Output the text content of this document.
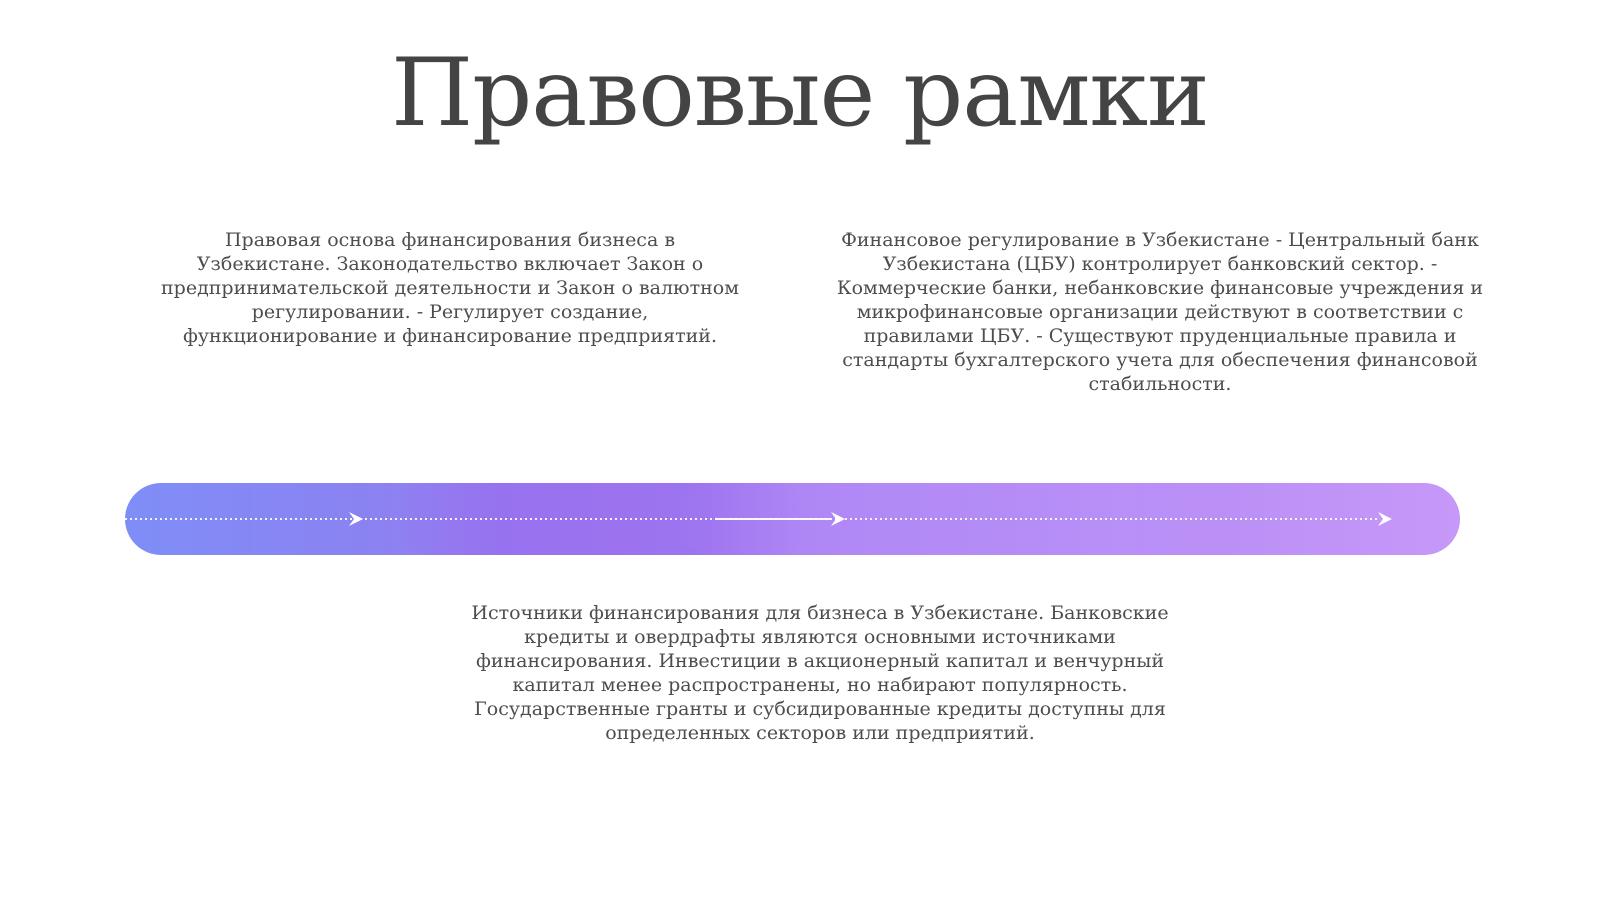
Правовые рамки

Правовая основа финансирования бизнеса в Узбекистане. Законодательство включает Закон о предпринимательской деятельности и Закон о валютном регулировании. - Регулирует создание, функционирование и финансирование предприятий.

Финансовое регулирование в Узбекистане - Центральный банк Узбекистана (ЦБУ) контролирует банковский сектор. - Коммерческие банки, небанковские финансовые учреждения и микрофинансовые организации действуют в соответствии с правилами ЦБУ. - Существуют пруденциальные правила и стандарты бухгалтерского учета для обеспечения финансовой стабильности.

Источники финансирования для бизнеса в Узбекистане. Банковские кредиты и овердрафты являются основными источниками финансирования. Инвестиции в акционерный капитал и венчурный капитал менее распространены, но набирают популярность. Государственные гранты и субсидированные кредиты доступны для определенных секторов или предприятий.
